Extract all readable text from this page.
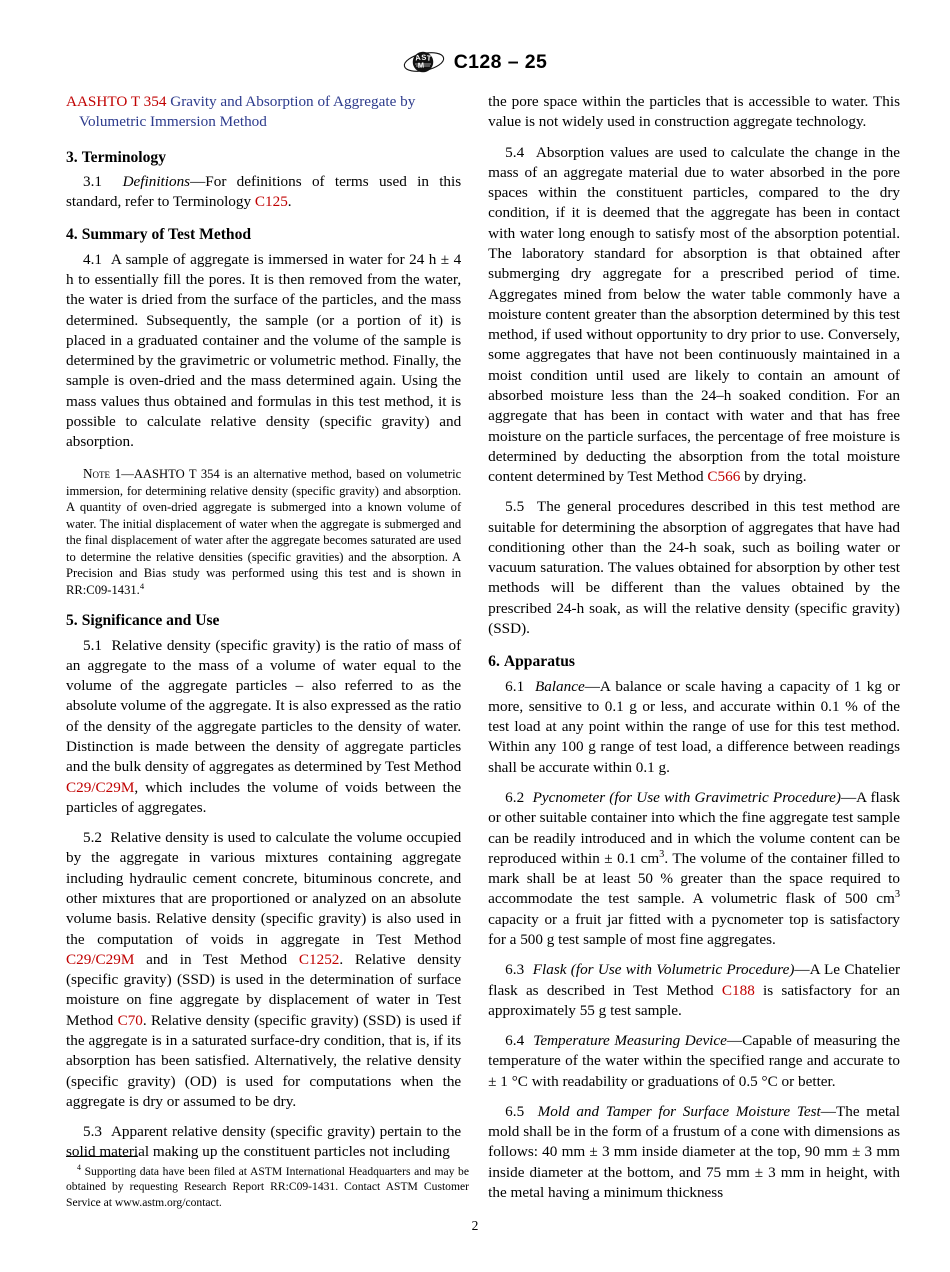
A S T
M C128 – 25
AASHTO T 354 Gravity and Absorption of Aggregate by
Volumetric Immersion Method
3. Terminology

3.1 Definitions—For definitions of terms used in this standard, refer to Terminology C125.

4. Summary of Test Method

4.1 A sample of aggregate is immersed in water for 24 h ± 4 h to essentially fill the pores. It is then removed from the water, the water is dried from the surface of the particles, and the mass determined. Subsequently, the sample (or a portion of it) is placed in a graduated container and the volume of the sample is determined by the gravimetric or volumetric method. Finally, the sample is oven-dried and the mass determined again. Using the mass values thus obtained and formulas in this test method, it is possible to calculate relative density (specific gravity) and absorption.

Note 1—AASHTO T 354 is an alternative method, based on volumetric immersion, for determining relative density (specific gravity) and absorption. A quantity of oven-dried aggregate is submerged into a known volume of water. The initial displacement of water when the aggregate is submerged and the final displacement of water after the aggregate becomes saturated are used to determine the relative densities (specific gravities) and the absorption. A Precision and Bias study was performed using this test and is shown in RR:C09-1431.$^4$

5. Significance and Use

5.1 Relative density (specific gravity) is the ratio of mass of an aggregate to the mass of a volume of water equal to the volume of the aggregate particles – also referred to as the absolute volume of the aggregate. It is also expressed as the ratio of the density of the aggregate particles to the density of water. Distinction is made between the density of aggregate particles and the bulk density of aggregates as determined by Test Method C29/C29M, which includes the volume of voids between the particles of aggregates.

5.2 Relative density is used to calculate the volume occupied by the aggregate in various mixtures containing aggregate including hydraulic cement concrete, bituminous concrete, and other mixtures that are proportioned or analyzed on an absolute volume basis. Relative density (specific gravity) is also used in the computation of voids in aggregate in Test Method C29/C29M and in Test Method C1252. Relative density (specific gravity) (SSD) is used in the determination of surface moisture on fine aggregate by displacement of water in Test Method C70. Relative density (specific gravity) (SSD) is used if the aggregate is in a saturated surface-dry condition, that is, if its absorption has been satisfied. Alternatively, the relative density (specific gravity) (OD) is used for computations when the aggregate is dry or assumed to be dry.

5.3 Apparent relative density (specific gravity) pertain to the solid material making up the constituent particles not including

the pore space within the particles that is accessible to water. This value is not widely used in construction aggregate technology.

5.4 Absorption values are used to calculate the change in the mass of an aggregate material due to water absorbed in the pore spaces within the constituent particles, compared to the dry condition, if it is deemed that the aggregate has been in contact with water long enough to satisfy most of the absorption potential. The laboratory standard for absorption is that obtained after submerging dry aggregate for a prescribed period of time. Aggregates mined from below the water table commonly have a moisture content greater than the absorption determined by this test method, if used without opportunity to dry prior to use. Conversely, some aggregates that have not been continuously maintained in a moist condition until used are likely to contain an amount of absorbed moisture less than the 24–h soaked condition. For an aggregate that has been in contact with water and that has free moisture on the particle surfaces, the percentage of free moisture is determined by deducting the absorption from the total moisture content determined by Test Method C566 by drying.

5.5 The general procedures described in this test method are suitable for determining the absorption of aggregates that have had conditioning other than the 24-h soak, such as boiling water or vacuum saturation. The values obtained for absorption by other test methods will be different than the values obtained by the prescribed 24-h soak, as will the relative density (specific gravity) (SSD).

6. Apparatus

6.1 Balance—A balance or scale having a capacity of 1 kg or more, sensitive to 0.1 g or less, and accurate within 0.1 % of the test load at any point within the range of use for this test method. Within any 100 g range of test load, a difference between readings shall be accurate within 0.1 g.

6.2 Pycnometer (for Use with Gravimetric Procedure)—A flask or other suitable container into which the fine aggregate test sample can be readily introduced and in which the volume content can be reproduced within ± 0.1 $cm^3$. The volume of the container filled to mark shall be at least 50 % greater than the space required to accommodate the test sample. A volumetric flask of 500 $cm^3$ capacity or a fruit jar fitted with a pycnometer top is satisfactory for a 500 g test sample of most fine aggregates.

6.3 Flask (for Use with Volumetric Procedure)—A Le Chatelier flask as described in Test Method C188 is satisfactory for an approximately 55 g test sample.

6.4 Temperature Measuring Device—Capable of measuring the temperature of the water within the specified range and accurate to ± 1 °C with readability or graduations of 0.5 °C or better.

6.5 Mold and Tamper for Surface Moisture Test—The metal mold shall be in the form of a frustum of a cone with dimensions as follows: 40 mm ± 3 mm inside diameter at the top, 90 mm ± 3 mm inside diameter at the bottom, and 75 mm ± 3 mm in height, with the metal having a minimum thickness

$^4$ Supporting data have been filed at ASTM International Headquarters and may be obtained by requesting Research Report RR:C09-1431. Contact ASTM Customer Service at www.astm.org/contact.

2
